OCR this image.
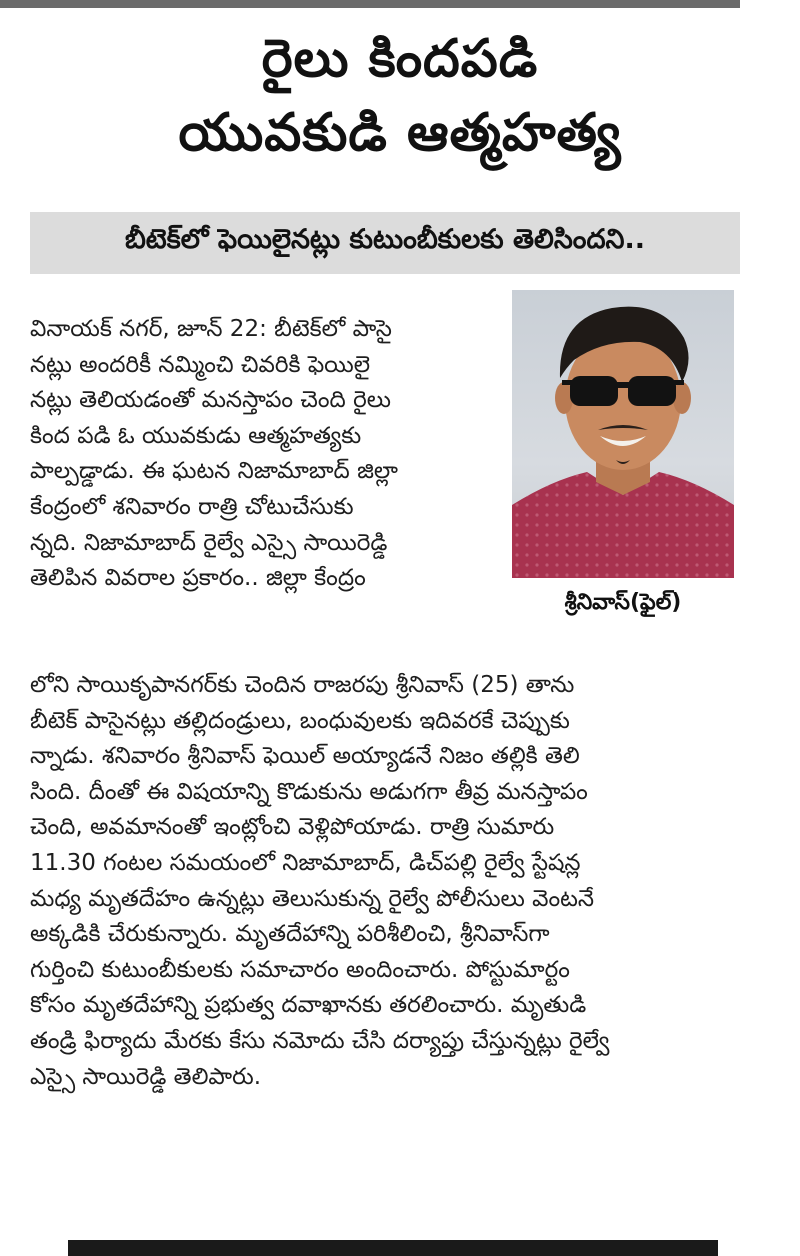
రైలు కిందపడి
యువకుడి ఆత్మహత్య
బీటెక్‌లో ఫెయిలైనట్లు కుటుంబీకులకు తెలిసిందని..

వినాయక్‌ నగర్‌, జూన్‌ 22: బీటెక్‌లో పాసై
నట్లు అందరికీ నమ్మించి చివరికి ఫెయిలై
నట్లు తెలియడంతో మనస్తాపం చెంది రైలు
కింద పడి ఓ యువకుడు ఆత్మహత్యకు
పాల్పడ్డాడు. ఈ ఘటన నిజామాబాద్‌ జిల్లా
కేంద్రంలో శనివారం రాత్రి చోటుచేసుకు
న్నది. నిజామాబాద్‌ రైల్వే ఎస్సై సాయిరెడ్డి
తెలిపిన వివరాల ప్రకారం.. జిల్లా కేంద్రం

శ్రీనివాస్‌(ఫైల్‌)

లోని సాయికృపానగర్‌కు చెందిన రాజరపు శ్రీనివాస్‌ (25) తాను
బీటెక్‌ పాసైనట్లు తల్లిదండ్రులు, బంధువులకు ఇదివరకే చెప్పుకు
న్నాడు. శనివారం శ్రీనివాస్‌ ఫెయిల్‌ అయ్యాడనే నిజం తల్లికి తెలి
సింది. దీంతో ఈ విషయాన్ని కొడుకును అడుగగా తీవ్ర మనస్తాపం
చెంది, అవమానంతో ఇంట్లోంచి వెళ్లిపోయాడు. రాత్రి సుమారు
11.30 గంటల సమయంలో నిజామాబాద్‌, డిచ్‌పల్లి రైల్వే స్టేషన్ల
మధ్య మృతదేహం ఉన్నట్లు తెలుసుకున్న రైల్వే పోలీసులు వెంటనే
అక్కడికి చేరుకున్నారు. మృతదేహాన్ని పరిశీలించి, శ్రీనివాస్‌గా
గుర్తించి కుటుంబీకులకు సమాచారం అందించారు. పోస్టుమార్టం
కోసం మృతదేహాన్ని ప్రభుత్వ దవాఖానకు తరలించారు. మృతుడి
తండ్రి ఫిర్యాదు మేరకు కేసు నమోదు చేసి దర్యాప్తు చేస్తున్నట్లు రైల్వే
ఎస్సై సాయిరెడ్డి తెలిపారు.
